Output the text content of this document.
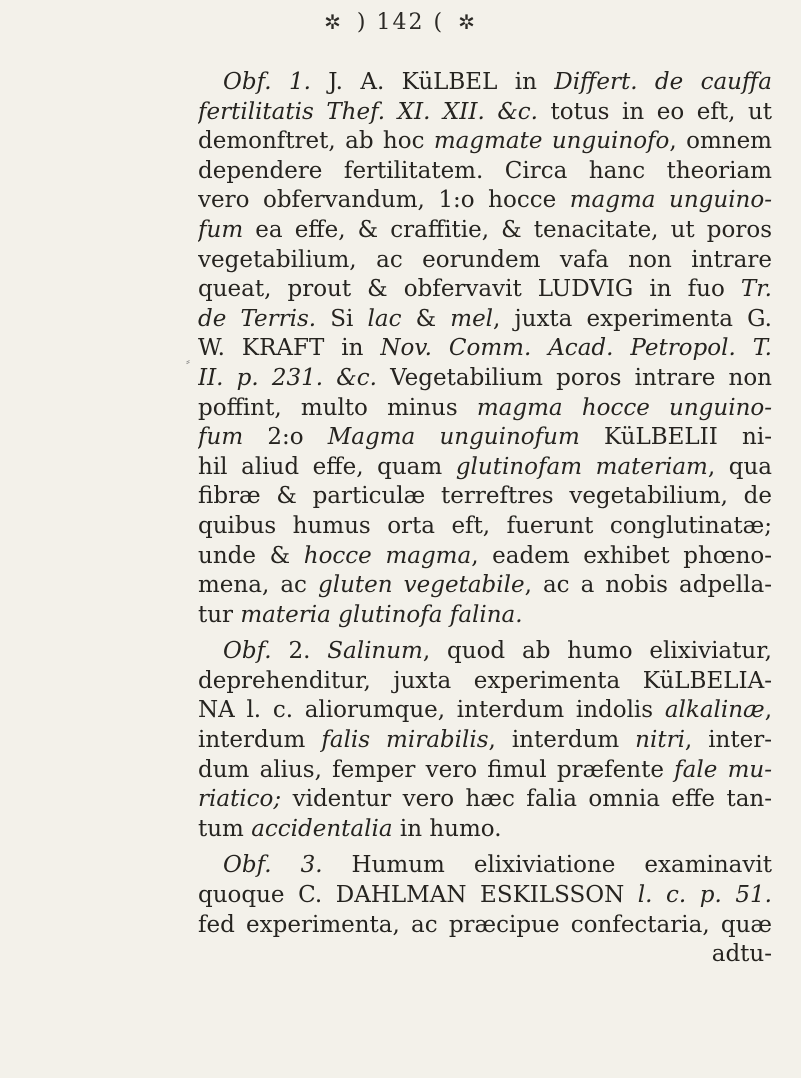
✲ ) 142 ( ✲
⸗
Obf. 1. J. A. KüLBEL in Differt. de cauffa
fertilitatis Thef. XI. XII. &c. totus in eo eft, ut
demonftret, ab hoc magmate unguinofo, omnem
dependere fertilitatem. Circa hanc theoriam
vero obfervandum, 1:o hocce magma unguino-
fum ea effe, & craffitie, & tenacitate, ut poros
vegetabilium, ac eorundem vafa non intrare
queat, prout & obfervavit LUDVIG in fuo Tr.
de Terris. Si lac & mel, juxta experimenta G.
W. KRAFT in Nov. Comm. Acad. Petropol. T.
II. p. 231. &c. Vegetabilium poros intrare non
poffint, multo minus magma hocce unguino-
fum 2:o Magma unguinofum KüLBELII ni-
hil aliud effe, quam glutinofam materiam, qua
fibræ & particulæ terreftres vegetabilium, de
quibus humus orta eft, fuerunt conglutinatæ;
unde & hocce magma, eadem exhibet phœno-
mena, ac gluten vegetabile, ac a nobis adpella-
tur materia glutinofa falina.
Obf. 2. Salinum, quod ab humo elixiviatur,
deprehenditur, juxta experimenta KüLBELIA-
NA l. c. aliorumque, interdum indolis alkalinæ,
interdum falis mirabilis, interdum nitri, inter-
dum alius, femper vero fimul præfente fale mu-
riatico; videntur vero hæc falia omnia effe tan-
tum accidentalia in humo.
Obf. 3. Humum elixiviatione examinavit
quoque C. DAHLMAN ESKILSSON l. c. p. 51.
fed experimenta, ac præcipue confectaria, quæ
adtu-
